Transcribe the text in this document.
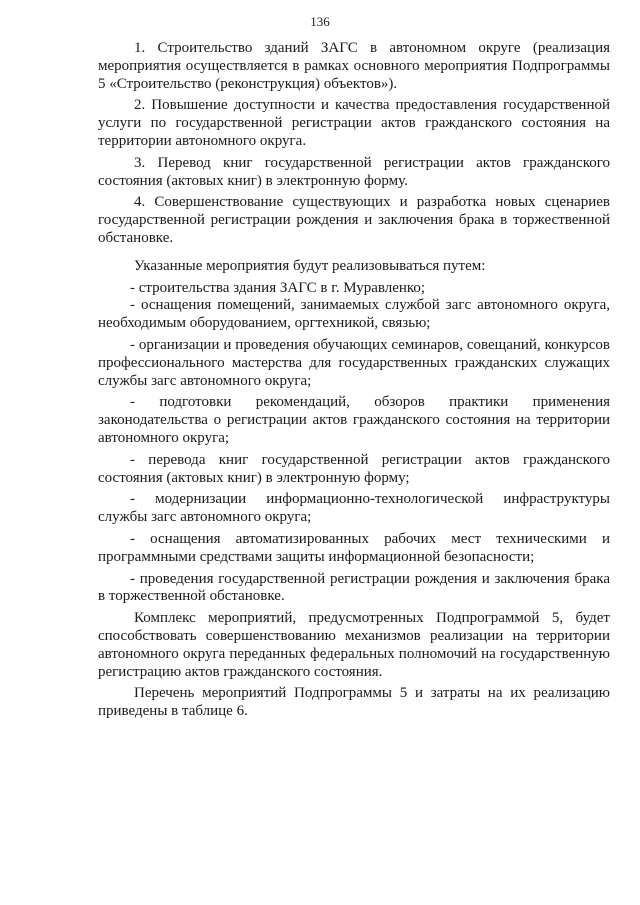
136

1. Строительство зданий ЗАГС в автономном округе (реализация мероприятия осуществляется в рамках основного мероприятия Подпрограммы 5 «Строительство (реконструкция) объектов»).

2. Повышение доступности и качества предоставления государственной услуги по государственной регистрации актов гражданского состояния на территории автономного округа.

3. Перевод книг государственной регистрации актов гражданского состояния (актовых книг) в электронную форму.

4. Совершенствование существующих и разработка новых сценариев государственной регистрации рождения и заключения брака в торжественной обстановке.

Указанные мероприятия будут реализовываться путем:

- строительства здания ЗАГС в г. Муравленко;

- оснащения помещений, занимаемых службой загс автономного округа, необходимым оборудованием, оргтехникой, связью;

- организации и проведения обучающих семинаров, совещаний, конкурсов профессионального мастерства для государственных гражданских служащих службы загс автономного округа;

- подготовки рекомендаций, обзоров практики применения законодательства о регистрации актов гражданского состояния на территории автономного округа;

- перевода книг государственной регистрации актов гражданского состояния (актовых книг) в электронную форму;

- модернизации информационно-технологической инфраструктуры службы загс автономного округа;

- оснащения автоматизированных рабочих мест техническими и программными средствами защиты информационной безопасности;

- проведения государственной регистрации рождения и заключения брака в торжественной обстановке.

Комплекс мероприятий, предусмотренных Подпрограммой 5, будет способствовать совершенствованию механизмов реализации на территории автономного округа переданных федеральных полномочий на государственную регистрацию актов гражданского состояния.

Перечень мероприятий Подпрограммы 5 и затраты на их реализацию приведены в таблице 6.
